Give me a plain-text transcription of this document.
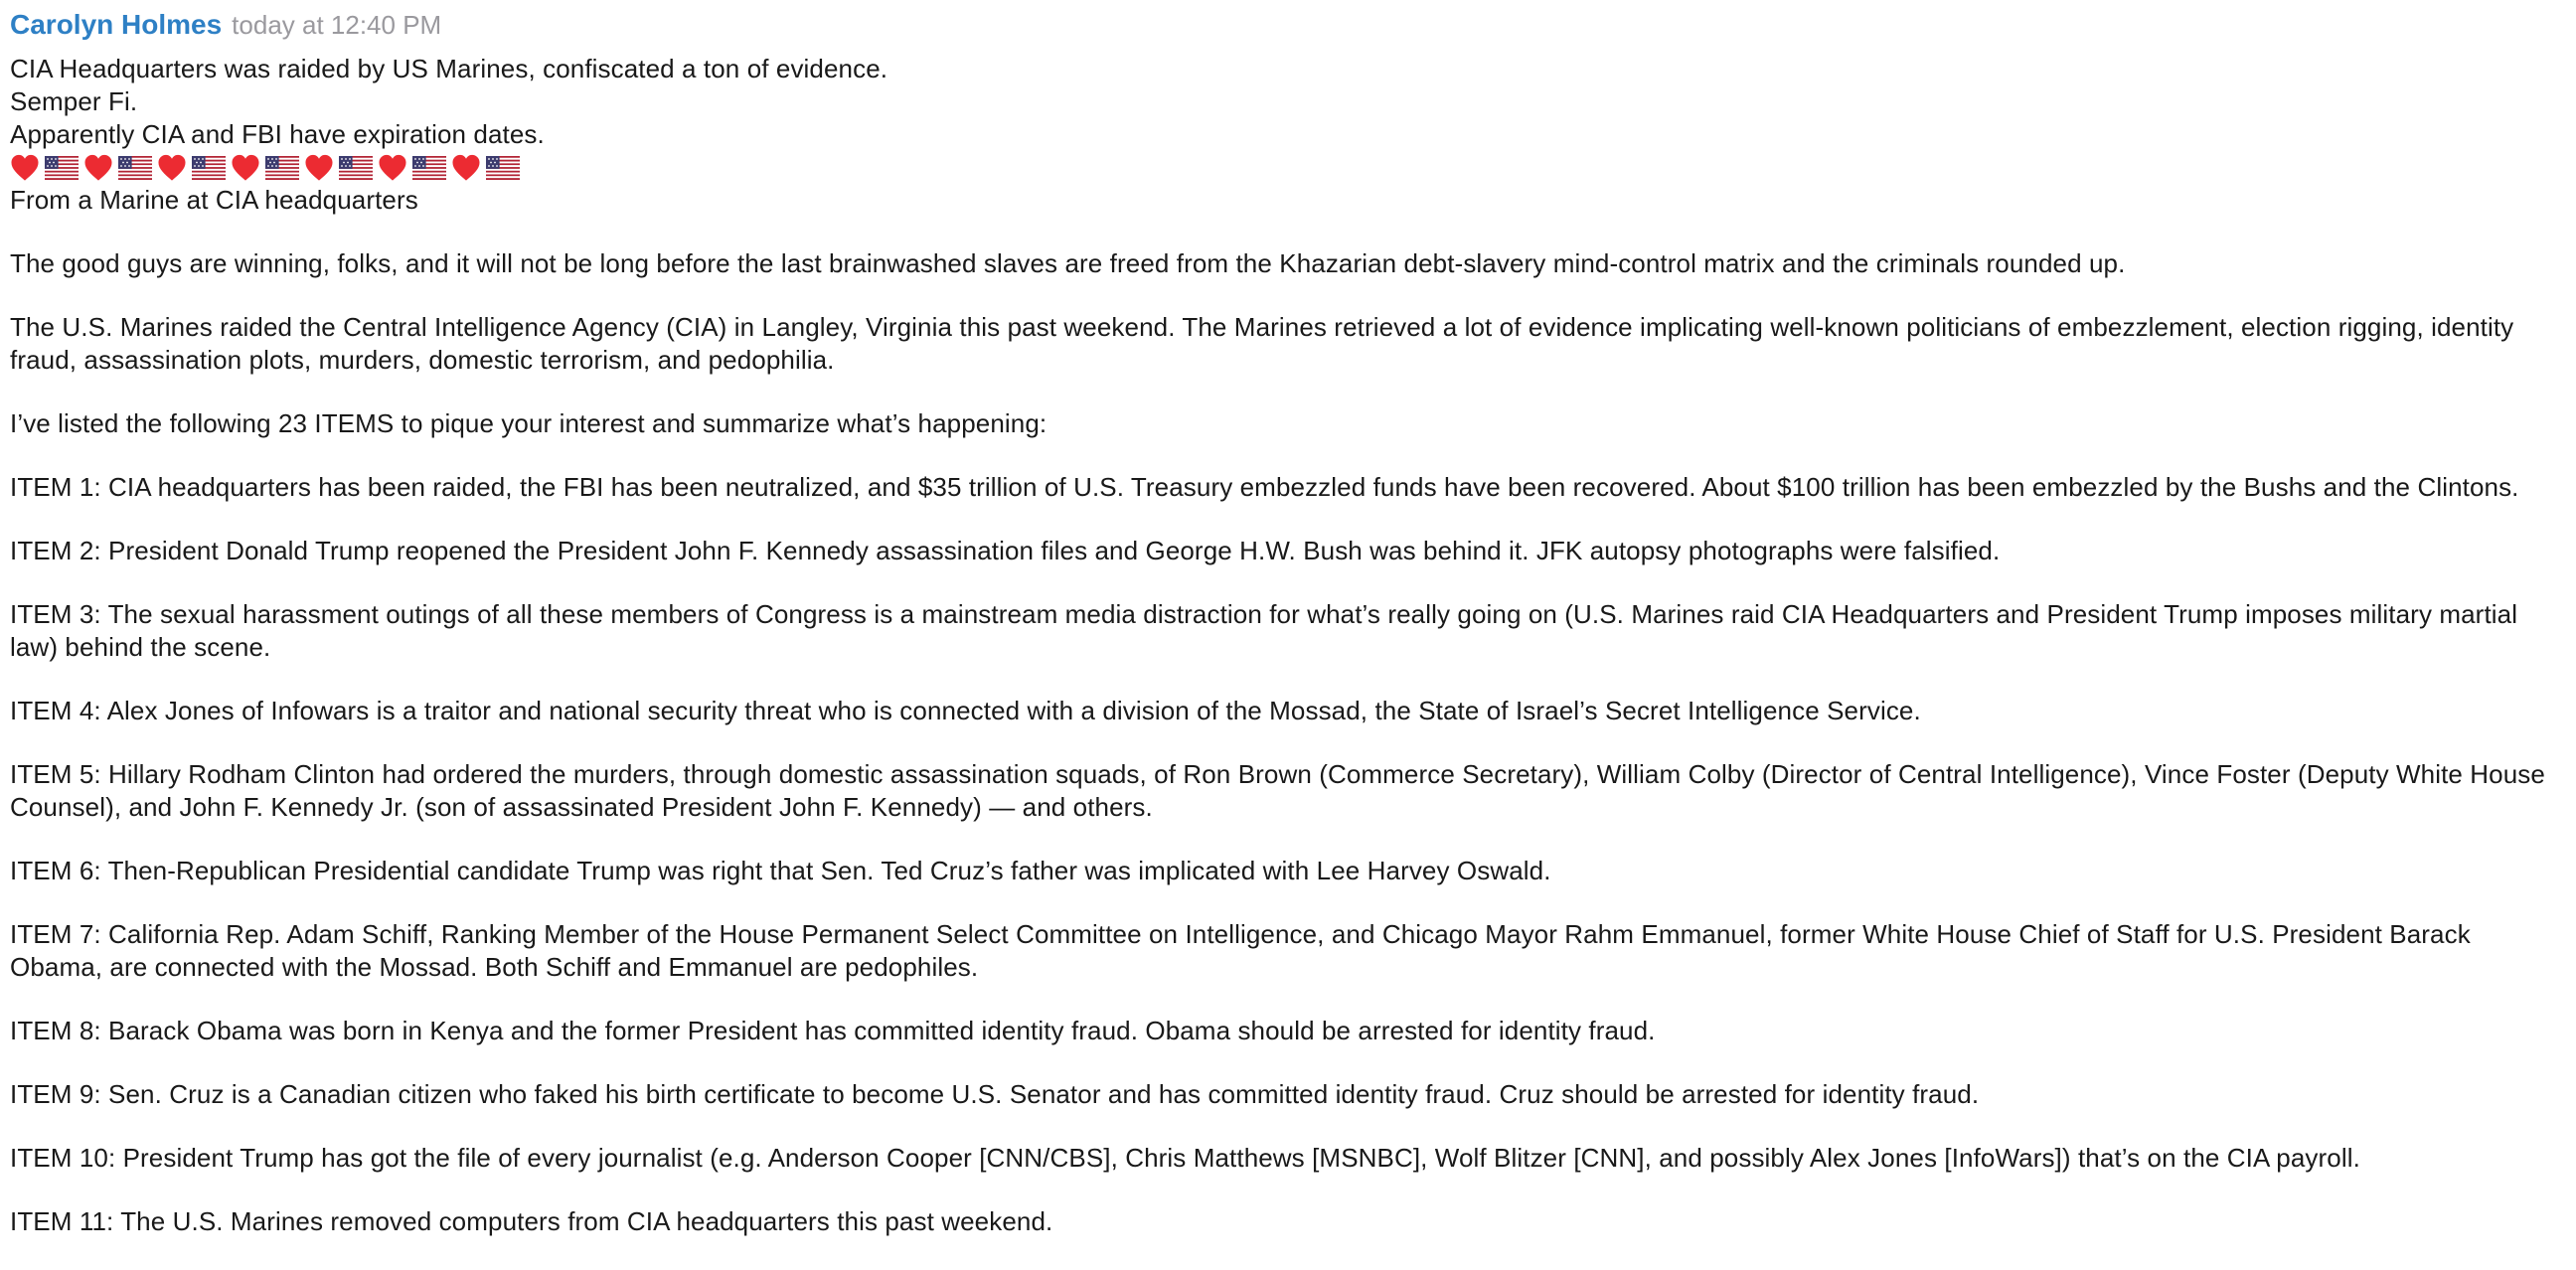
Carolyn Holmes today at 12:40 PM
CIA Headquarters was raided by US Marines, confiscated a ton of evidence.
Semper Fi.
Apparently CIA and FBI have expiration dates.
From a Marine at CIA headquarters

The good guys are winning, folks, and it will not be long before the last brainwashed slaves are freed from the Khazarian debt-slavery mind-control matrix and the criminals rounded up.

The U.S. Marines raided the Central Intelligence Agency (CIA) in Langley, Virginia this past weekend. The Marines retrieved a lot of evidence implicating well-known politicians of embezzlement, election rigging, identity fraud, assassination plots, murders, domestic terrorism, and pedophilia.

I’ve listed the following 23 ITEMS to pique your interest and summarize what’s happening:

ITEM 1: CIA headquarters has been raided, the FBI has been neutralized, and $35 trillion of U.S. Treasury embezzled funds have been recovered. About $100 trillion has been embezzled by the Bushs and the Clintons.

ITEM 2: President Donald Trump reopened the President John F. Kennedy assassination files and George H.W. Bush was behind it. JFK autopsy photographs were falsified.

ITEM 3: The sexual harassment outings of all these members of Congress is a mainstream media distraction for what’s really going on (U.S. Marines raid CIA Headquarters and President Trump imposes military martial law) behind the scene.

ITEM 4: Alex Jones of Infowars is a traitor and national security threat who is connected with a division of the Mossad, the State of Israel’s Secret Intelligence Service.

ITEM 5: Hillary Rodham Clinton had ordered the murders, through domestic assassination squads, of Ron Brown (Commerce Secretary), William Colby (Director of Central Intelligence), Vince Foster (Deputy White House Counsel), and John F. Kennedy Jr. (son of assassinated President John F. Kennedy) — and others.

ITEM 6: Then-Republican Presidential candidate Trump was right that Sen. Ted Cruz’s father was implicated with Lee Harvey Oswald.

ITEM 7: California Rep. Adam Schiff, Ranking Member of the House Permanent Select Committee on Intelligence, and Chicago Mayor Rahm Emmanuel, former White House Chief of Staff for U.S. President Barack Obama, are connected with the Mossad. Both Schiff and Emmanuel are pedophiles.

ITEM 8: Barack Obama was born in Kenya and the former President has committed identity fraud. Obama should be arrested for identity fraud.

ITEM 9: Sen. Cruz is a Canadian citizen who faked his birth certificate to become U.S. Senator and has committed identity fraud. Cruz should be arrested for identity fraud.

ITEM 10: President Trump has got the file of every journalist (e.g. Anderson Cooper [CNN/CBS], Chris Matthews [MSNBC], Wolf Blitzer [CNN], and possibly Alex Jones [InfoWars]) that’s on the CIA payroll.

ITEM 11: The U.S. Marines removed computers from CIA headquarters this past weekend.
